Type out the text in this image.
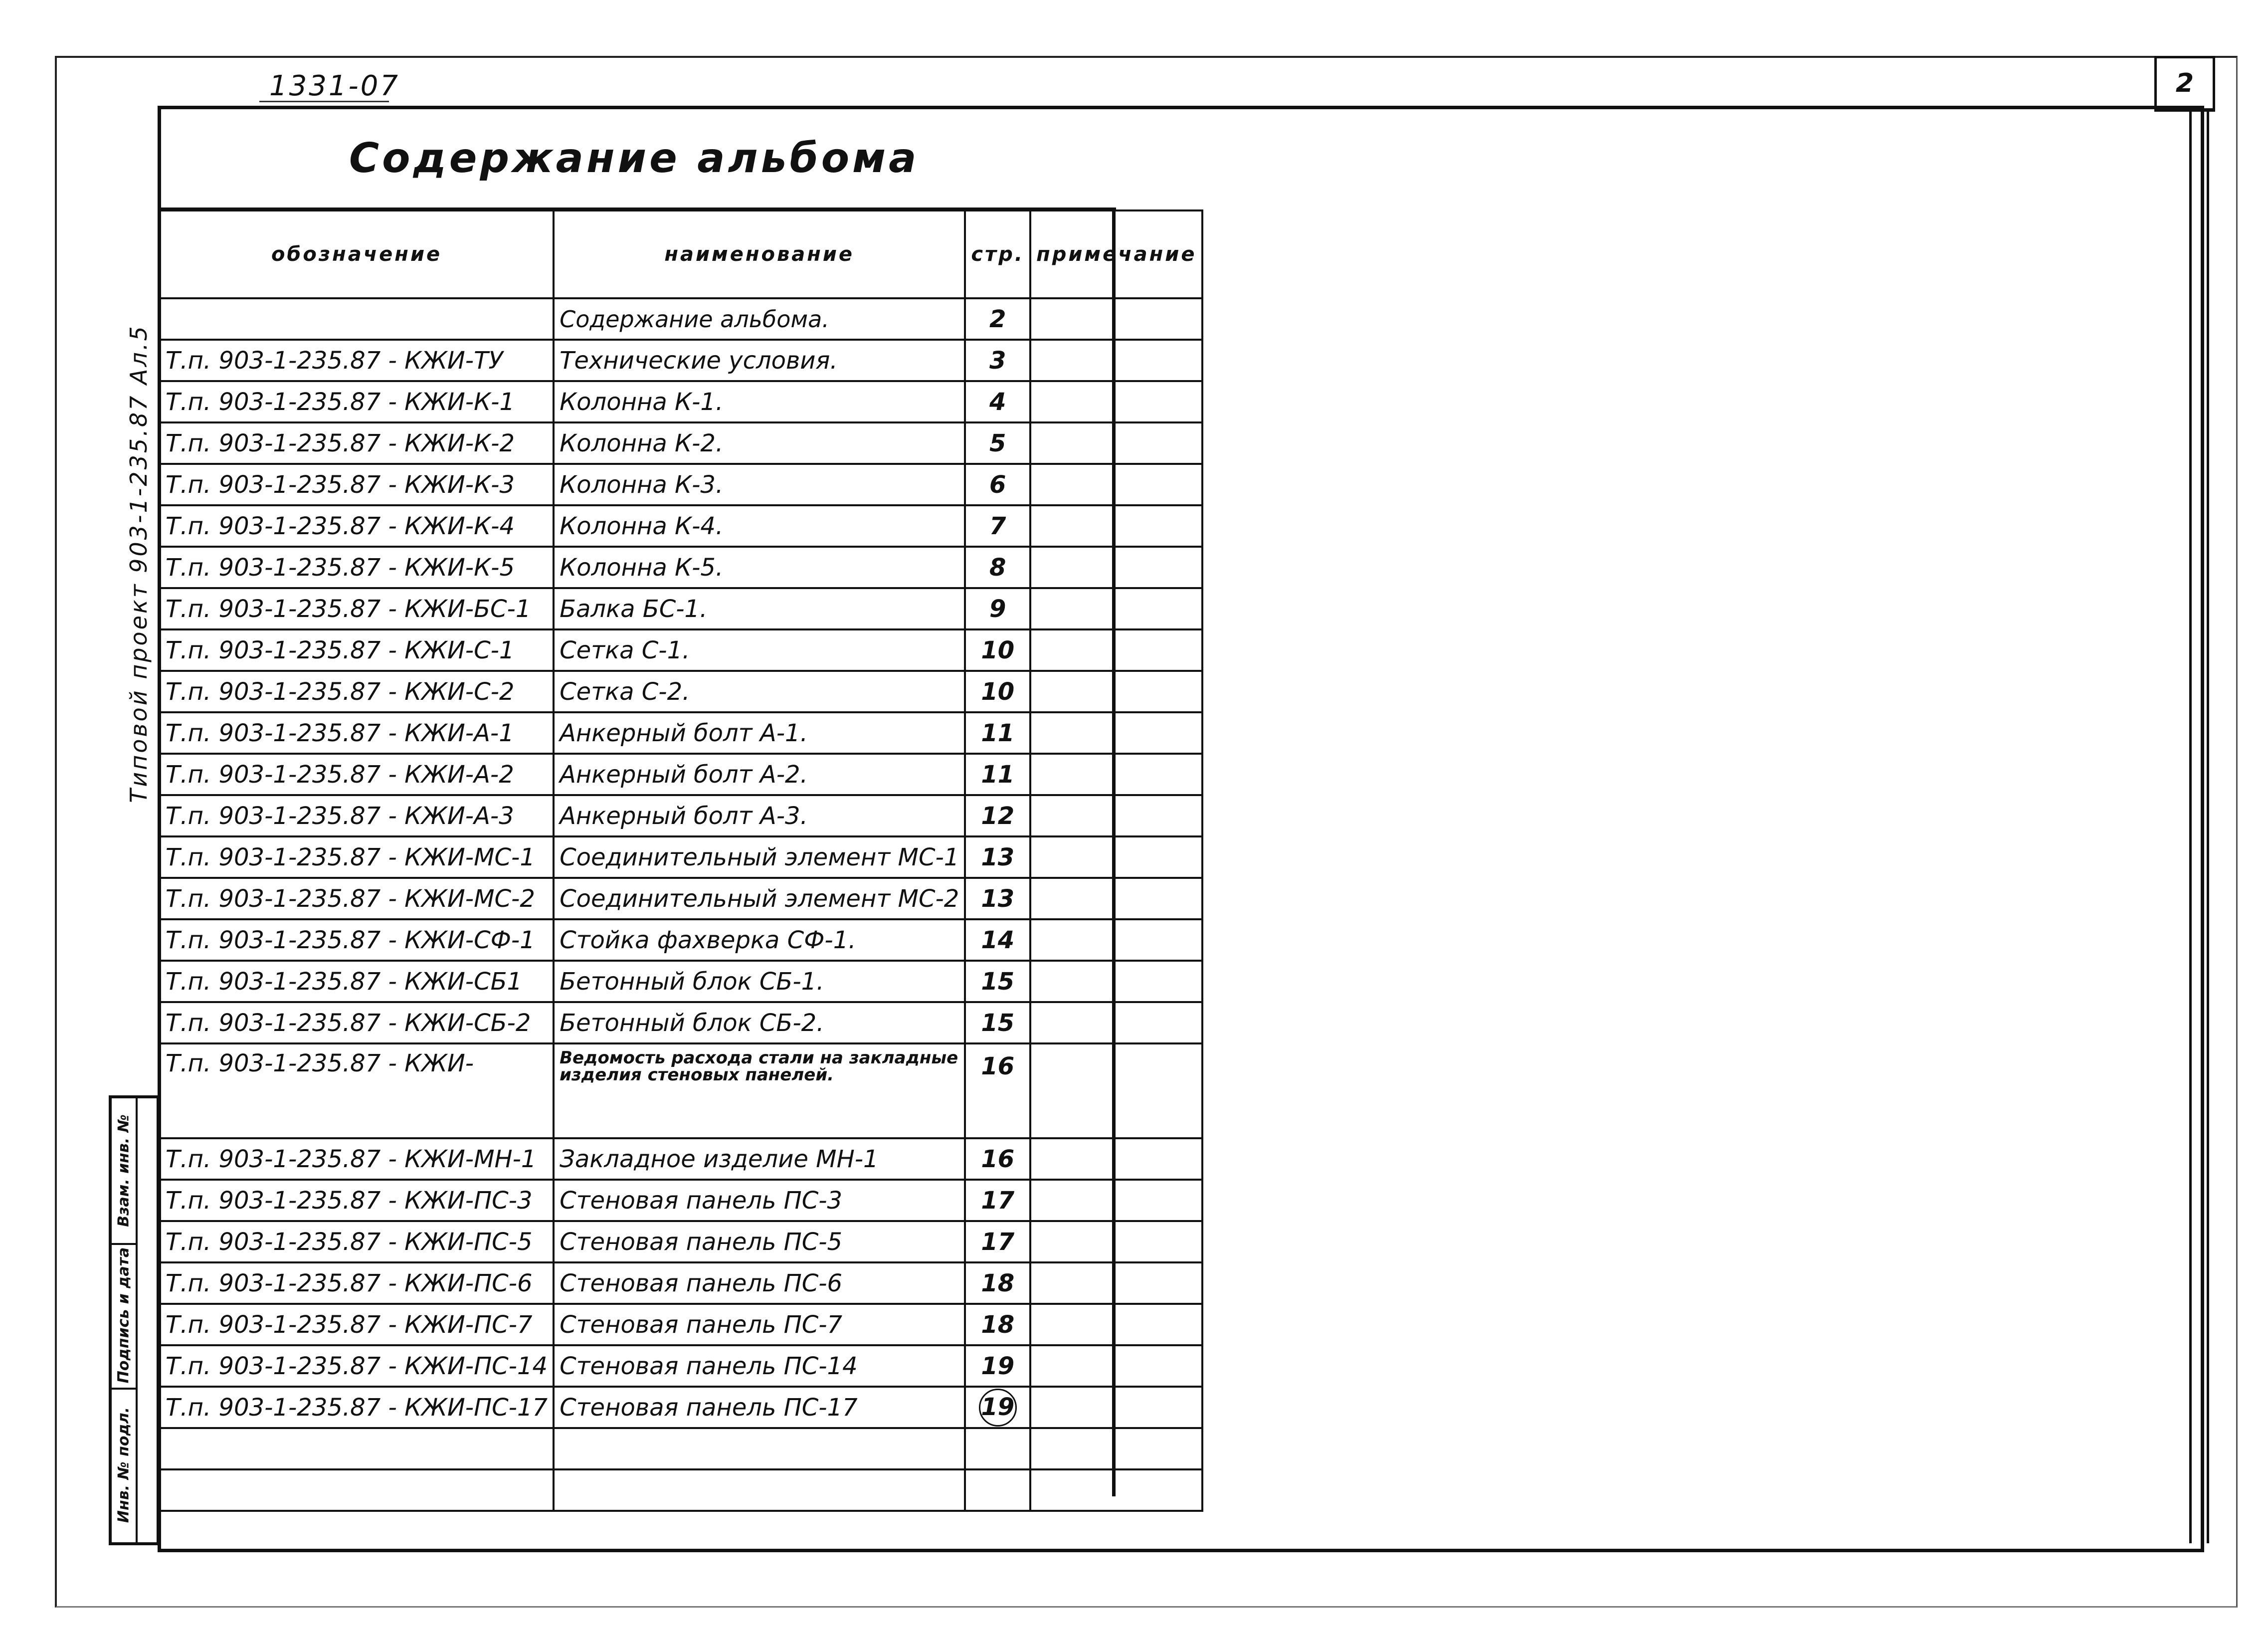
2
1331-07
Содержание альбома
Типовой проект 903-1-235.87 Ал.5
Взам. инв. №
Подпись и дата
Инв. № подл.
обозначение	наименование	стр.	примечание
	Содержание альбома.	2	
Т.п. 903-1-235.87 - КЖИ-ТУ	Технические условия.	3	
Т.п. 903-1-235.87 - КЖИ-К-1	Колонна К-1.	4	
Т.п. 903-1-235.87 - КЖИ-К-2	Колонна К-2.	5	
Т.п. 903-1-235.87 - КЖИ-К-3	Колонна К-3.	6	
Т.п. 903-1-235.87 - КЖИ-К-4	Колонна К-4.	7	
Т.п. 903-1-235.87 - КЖИ-К-5	Колонна К-5.	8	
Т.п. 903-1-235.87 - КЖИ-БС-1	Балка БС-1.	9	
Т.п. 903-1-235.87 - КЖИ-С-1	Сетка С-1.	10	
Т.п. 903-1-235.87 - КЖИ-С-2	Сетка С-2.	10	
Т.п. 903-1-235.87 - КЖИ-А-1	Анкерный болт А-1.	11	
Т.п. 903-1-235.87 - КЖИ-А-2	Анкерный болт А-2.	11	
Т.п. 903-1-235.87 - КЖИ-А-3	Анкерный болт А-3.	12	
Т.п. 903-1-235.87 - КЖИ-МС-1	Соединительный элемент МС-1	13	
Т.п. 903-1-235.87 - КЖИ-МС-2	Соединительный элемент МС-2	13	
Т.п. 903-1-235.87 - КЖИ-СФ-1	Стойка фахверка СФ-1.	14	
Т.п. 903-1-235.87 - КЖИ-СБ1	Бетонный блок СБ-1.	15	
Т.п. 903-1-235.87 - КЖИ-СБ-2	Бетонный блок СБ-2.	15	
Т.п. 903-1-235.87 - КЖИ-	Ведомость расхода стали на закладные изделия стеновых панелей.	16	
Т.п. 903-1-235.87 - КЖИ-МН-1	Закладное изделие МН-1	16	
Т.п. 903-1-235.87 - КЖИ-ПС-3	Стеновая панель ПС-3	17	
Т.п. 903-1-235.87 - КЖИ-ПС-5	Стеновая панель ПС-5	17	
Т.п. 903-1-235.87 - КЖИ-ПС-6	Стеновая панель ПС-6	18	
Т.п. 903-1-235.87 - КЖИ-ПС-7	Стеновая панель ПС-7	18	
Т.п. 903-1-235.87 - КЖИ-ПС-14	Стеновая панель ПС-14	19	
Т.п. 903-1-235.87 - КЖИ-ПС-17	Стеновая панель ПС-17	19	
